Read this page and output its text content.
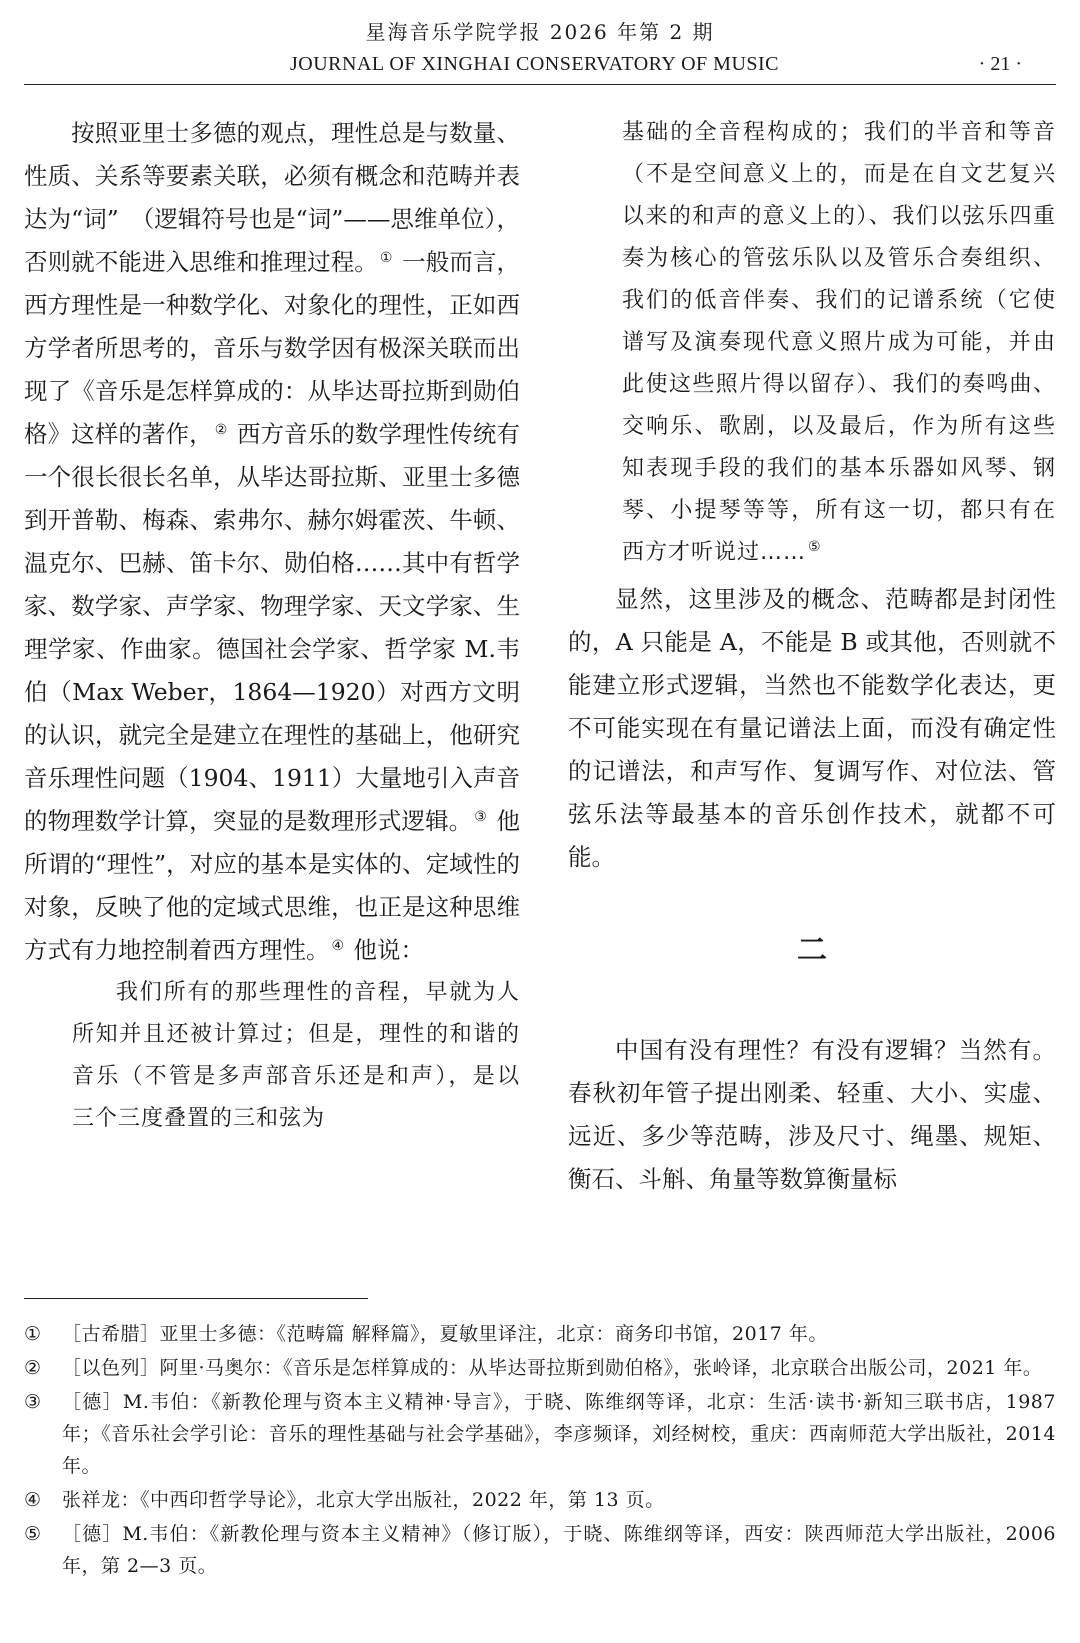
星海音乐学院学报 2026 年第 2 期
JOURNAL OF XINGHAI CONSERVATORY OF MUSIC	· 21 ·

按照亚里士多德的观点，理性总是与数量、性质、关系等要素关联，必须有概念和范畴并表达为“词”　（逻辑符号也是“词”——思维单位），否则就不能进入思维和推理过程。 ① 一般而言，西方理性是一种数学化、对象化的理性，正如西方学者所思考的，音乐与数学因有极深关联而出现了《音乐是怎样算成的：从毕达哥拉斯到勋伯格》这样的著作， ② 西方音乐的数学理性传统有一个很长很长名单，从毕达哥拉斯、亚里士多德到开普勒、梅森、索弗尔、赫尔姆霍茨、牛顿、温克尔、巴赫、笛卡尔、勋伯格……其中有哲学家、数学家、声学家、物理学家、天文学家、生理学家、作曲家。德国社会学家、哲学家 M.韦伯（Max Weber，1864—1920）对西方文明的认识，就完全是建立在理性的基础上，他研究音乐理性问题（1904、1911）大量地引入声音的物理数学计算，突显的是数理形式逻辑。 ③ 他所谓的“理性”，对应的基本是实体的、定域性的对象，反映了他的定域式思维，也正是这种思维方式有力地控制着西方理性。 ④ 他说：

我们所有的那些理性的音程，早就为人所知并且还被计算过；但是，理性的和谐的音乐（不管是多声部音乐还是和声），是以三个三度叠置的三和弦为

基础的全音程构成的；我们的半音和等音（不是空间意义上的，而是在自文艺复兴以来的和声的意义上的）、我们以弦乐四重奏为核心的管弦乐队以及管乐合奏组织、我们的低音伴奏、我们的记谱系统（它使谱写及演奏现代意义照片成为可能，并由此使这些照片得以留存）、我们的奏鸣曲、交响乐、歌剧，以及最后，作为所有这些知表现手段的我们的基本乐器如风琴、钢琴、小提琴等等，所有这一切，都只有在西方才听说过…… ⑤

显然，这里涉及的概念、范畴都是封闭性的，A 只能是 A，不能是 B 或其他，否则就不能建立形式逻辑，当然也不能数学化表达，更不可能实现在有量记谱法上面，而没有确定性的记谱法，和声写作、复调写作、对位法、管弦乐法等最基本的音乐创作技术，就都不可能。

二

中国有没有理性？有没有逻辑？当然有。春秋初年管子提出刚柔、轻重、大小、实虚、远近、多少等范畴，涉及尺寸、绳墨、规矩、衡石、斗斛、角量等数算衡量标

① ［古希腊］亚里士多德：《范畴篇 解释篇》，夏敏里译注，北京：商务印书馆，2017 年。

② ［以色列］阿里·马奥尔：《音乐是怎样算成的：从毕达哥拉斯到勋伯格》，张岭译，北京联合出版公司，2021 年。

③ ［德］M.韦伯：《新教伦理与资本主义精神·导言》，于晓、陈维纲等译，北京：生活·读书·新知三联书店，1987 年；《音乐社会学引论：音乐的理性基础与社会学基础》，李彦频译，刘经树校，重庆：西南师范大学出版社，2014 年。

④ 张祥龙：《中西印哲学导论》，北京大学出版社，2022 年，第 13 页。

⑤ ［德］M.韦伯：《新教伦理与资本主义精神》（修订版），于晓、陈维纲等译，西安：陕西师范大学出版社，2006 年，第 2—3 页。
